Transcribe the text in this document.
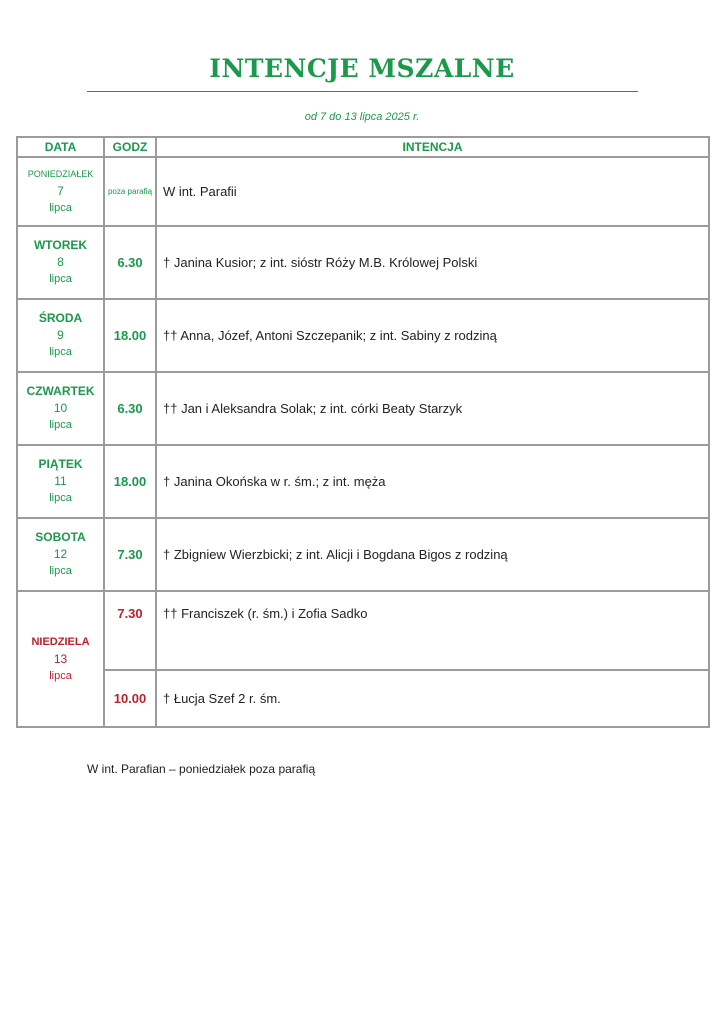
INTENCJE MSZALNE
od 7 do 13 lipca 2025 r.
DATA	GODZ	INTENCJA

PONIEDZIAŁEK
7
lipca	poza parafią	W int. Parafii

WTOREK
8
lipca	6.30	† Janina Kusior; z int. sióstr Róży M.B. Królowej Polski

ŚRODA
9
lipca	18.00	†† Anna, Józef, Antoni Szczepanik; z int. Sabiny z rodziną

CZWARTEK
10
lipca	6.30	†† Jan i Aleksandra Solak; z int. córki Beaty Starzyk

PIĄTEK
11
lipca	18.00	† Janina Okońska w r. śm.; z int. męża

SOBOTA
12
lipca	7.30	† Zbigniew Wierzbicki; z int. Alicji i Bogdana Bigos z rodziną

NIEDZIELA
13
lipca	7.30	†† Franciszek (r. śm.) i Zofia Sadko
	10.00	† Łucja Szef 2 r. śm.
W int. Parafian – poniedziałek poza parafią
